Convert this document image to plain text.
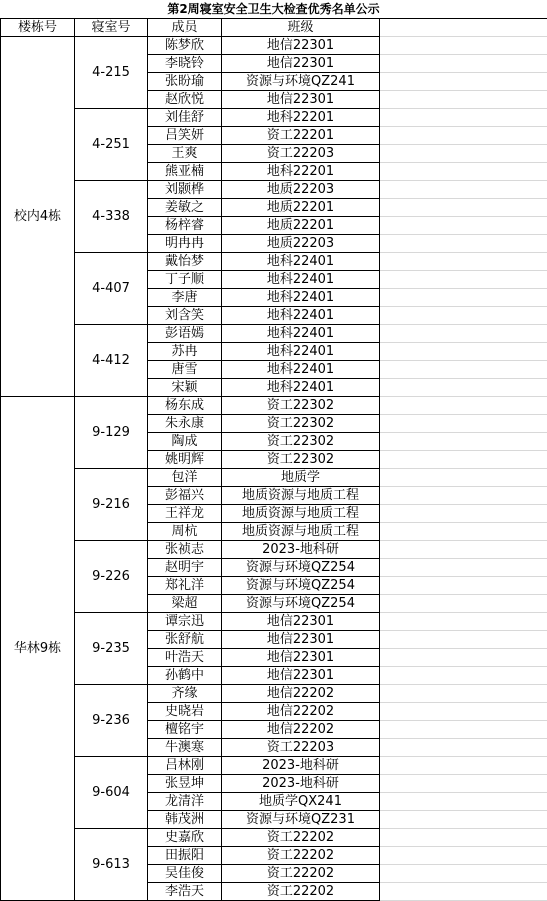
第2周寝室安全卫生大检查优秀名单公示
楼栋号	寝室号	成员	班级		
校内4栋	4-215	陈梦欣	地信22301		
		李晓铃	地信22301		
		张盼瑜	资源与环境QZ241		
		赵欣悦	地信22301		
	4-251	刘佳舒	地科22201		
		吕笑妍	资工22201		
		王爽	资工22203		
		熊亚楠	地科22201		
	4-338	刘颢桦	地质22203		
		姜敏之	地质22201		
		杨梓睿	地质22201		
		明冉冉	地质22203		
	4-407	戴怡梦	地科22401		
		丁子顺	地科22401		
		李唐	地科22401		
		刘含笑	地科22401		
	4-412	彭语嫣	地科22401		
		苏冉	地科22401		
		唐雪	地科22401		
		宋颖	地科22401		
华林9栋	9-129	杨东成	资工22302		
		朱永康	资工22302		
		陶成	资工22302		
		姚明辉	资工22302		
	9-216	包洋	地质学		
		彭福兴	地质资源与地质工程		
		王祥龙	地质资源与地质工程		
		周杭	地质资源与地质工程		
	9-226	张祯志	2023-地科研		
		赵明宇	资源与环境QZ254		
		郑礼洋	资源与环境QZ254		
		梁超	资源与环境QZ254		
	9-235	谭宗迅	地信22301		
		张舒航	地信22301		
		叶浩天	地信22301		
		孙鹤中	地信22301		
	9-236	齐缘	地信22202		
		史晓岩	地信22202		
		檀铭宇	地信22202		
		牛澳寒	资工22203		
	9-604	吕林刚	2023-地科研		
		张昱坤	2023-地科研		
		龙清洋	地质学QX241		
		韩茂洲	资源与环境QZ231		
	9-613	史嘉欣	资工22202		
		田振阳	资工22202		
		吴佳俊	资工22202		
		李浩天	资工22202		
